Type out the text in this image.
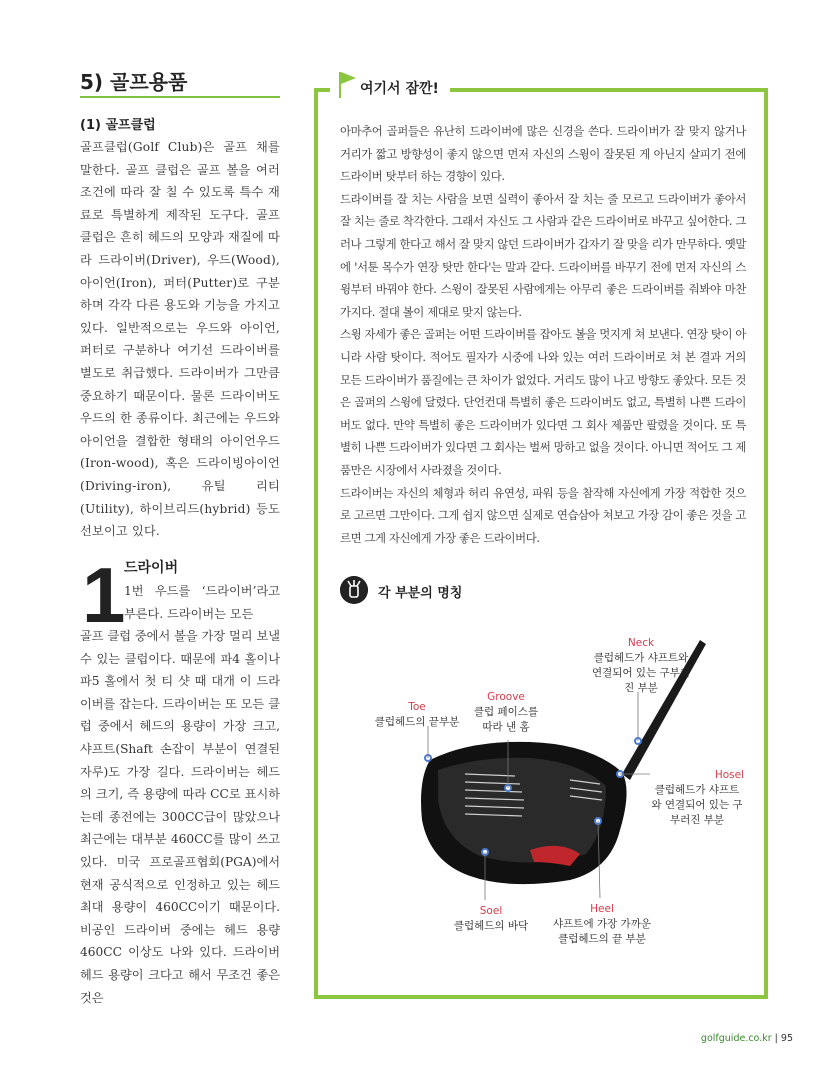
5) 골프용품
(1) 골프클럽
골프클럽(Golf Club)은 골프 채를 말한다. 골프 클럽은 골프 볼을 여러 조건에 따라 잘 칠 수 있도록 특수 재료로 특별하게 제작된 도구다. 골프 클럽은 흔히 헤드의 모양과 재질에 따라 드라이버(Driver), 우드(Wood), 아이언(Iron), 퍼터(Putter)로 구분하며 각각 다른 용도와 기능을 가지고 있다. 일반적으로는 우드와 아이언, 퍼터로 구분하나 여기선 드라이버를 별도로 취급했다. 드라이버가 그만큼 중요하기 때문이다. 물론 드라이버도 우드의 한 종류이다. 최근에는 우드와 아이언을 결합한 형태의 아이언우드(Iron-wood), 혹은 드라이빙아이언(Driving-iron), 유틸 리티(Utility), 하이브리드(hybrid) 등도 선보이고 있다.
1
드라이버
1번 우드를 ‘드라이버’라고 부른다. 드라이버는 모든
골프 클럽 중에서 볼을 가장 멀리 보낼 수 있는 클럽이다. 때문에 파4 홀이나 파5 홀에서 첫 티 샷 때 대개 이 드라이버를 잡는다. 드라이버는 또 모든 클럽 중에서 헤드의 용량이 가장 크고, 샤프트(Shaft 손잡이 부분이 연결된 자루)도 가장 길다. 드라이버는 헤드의 크기, 즉 용량에 따라 CC로 표시하는데 종전에는 300CC급이 많았으나 최근에는 대부분 460CC를 많이 쓰고 있다. 미국 프로골프협회(PGA)에서 현재 공식적으로 인정하고 있는 헤드 최대 용량이 460CC이기 때문이다. 비공인 드라이버 중에는 헤드 용량 460CC 이상도 나와 있다. 드라이버 헤드 용량이 크다고 해서 무조건 좋은 것은
여기서 잠깐!

아마추어 골퍼들은 유난히 드라이버에 많은 신경을 쓴다. 드라이버가 잘 맞지 않거나 거리가 짧고 방향성이 좋지 않으면 먼저 자신의 스윙이 잘못된 게 아닌지 살피기 전에 드라이버 탓부터 하는 경향이 있다.

드라이버를 잘 치는 사람을 보면 실력이 좋아서 잘 치는 줄 모르고 드라이버가 좋아서 잘 치는 줄로 착각한다. 그래서 자신도 그 사람과 같은 드라이버로 바꾸고 싶어한다. 그러나 그렇게 한다고 해서 잘 맞지 않던 드라이버가 갑자기 잘 맞을 리가 만무하다. 옛말에 '서툰 목수가 연장 탓만 한다'는 말과 같다. 드라이버를 바꾸기 전에 먼저 자신의 스윙부터 바꿔야 한다. 스윙이 잘못된 사람에게는 아무리 좋은 드라이버를 줘봐야 마찬가지다. 절대 볼이 제대로 맞지 않는다.

스윙 자세가 좋은 골퍼는 어떤 드라이버를 잡아도 볼을 멋지게 쳐 보낸다. 연장 탓이 아니라 사람 탓이다. 적어도 필자가 시중에 나와 있는 여러 드라이버로 쳐 본 결과 거의 모든 드라이버가 품질에는 큰 차이가 없었다. 거리도 많이 나고 방향도 좋았다. 모든 것은 골퍼의 스윙에 달렸다. 단언컨대 특별히 좋은 드라이버도 없고, 특별히 나쁜 드라이버도 없다. 만약 특별히 좋은 드라이버가 있다면 그 회사 제품만 팔렸을 것이다. 또 특별히 나쁜 드라이버가 있다면 그 회사는 벌써 망하고 없을 것이다. 아니면 적어도 그 제품만은 시장에서 사라졌을 것이다.

드라이버는 자신의 체형과 허리 유연성, 파워 등을 참작해 자신에게 가장 적합한 것으로 고르면 그만이다. 그게 쉽지 않으면 실제로 연습삼아 쳐보고 가장 감이 좋은 것을 고르면 그게 자신에게 가장 좋은 드라이버다.

각 부분의 명칭
Neck
클럽헤드가 샤프트와 연결되어 있는 구부러진 부분
Toe
클럽헤드의 끝부분
Groove
클럽 페이스를 따라 낸 홈
Hosel
클럽헤드가 샤프트와 연결되어 있는 구부러진 부분
Soel
클럽헤드의 바닥
Heel
샤프트에 가장 가까운 클럽헤드의 끝 부분
golfguide.co.kr | 95
